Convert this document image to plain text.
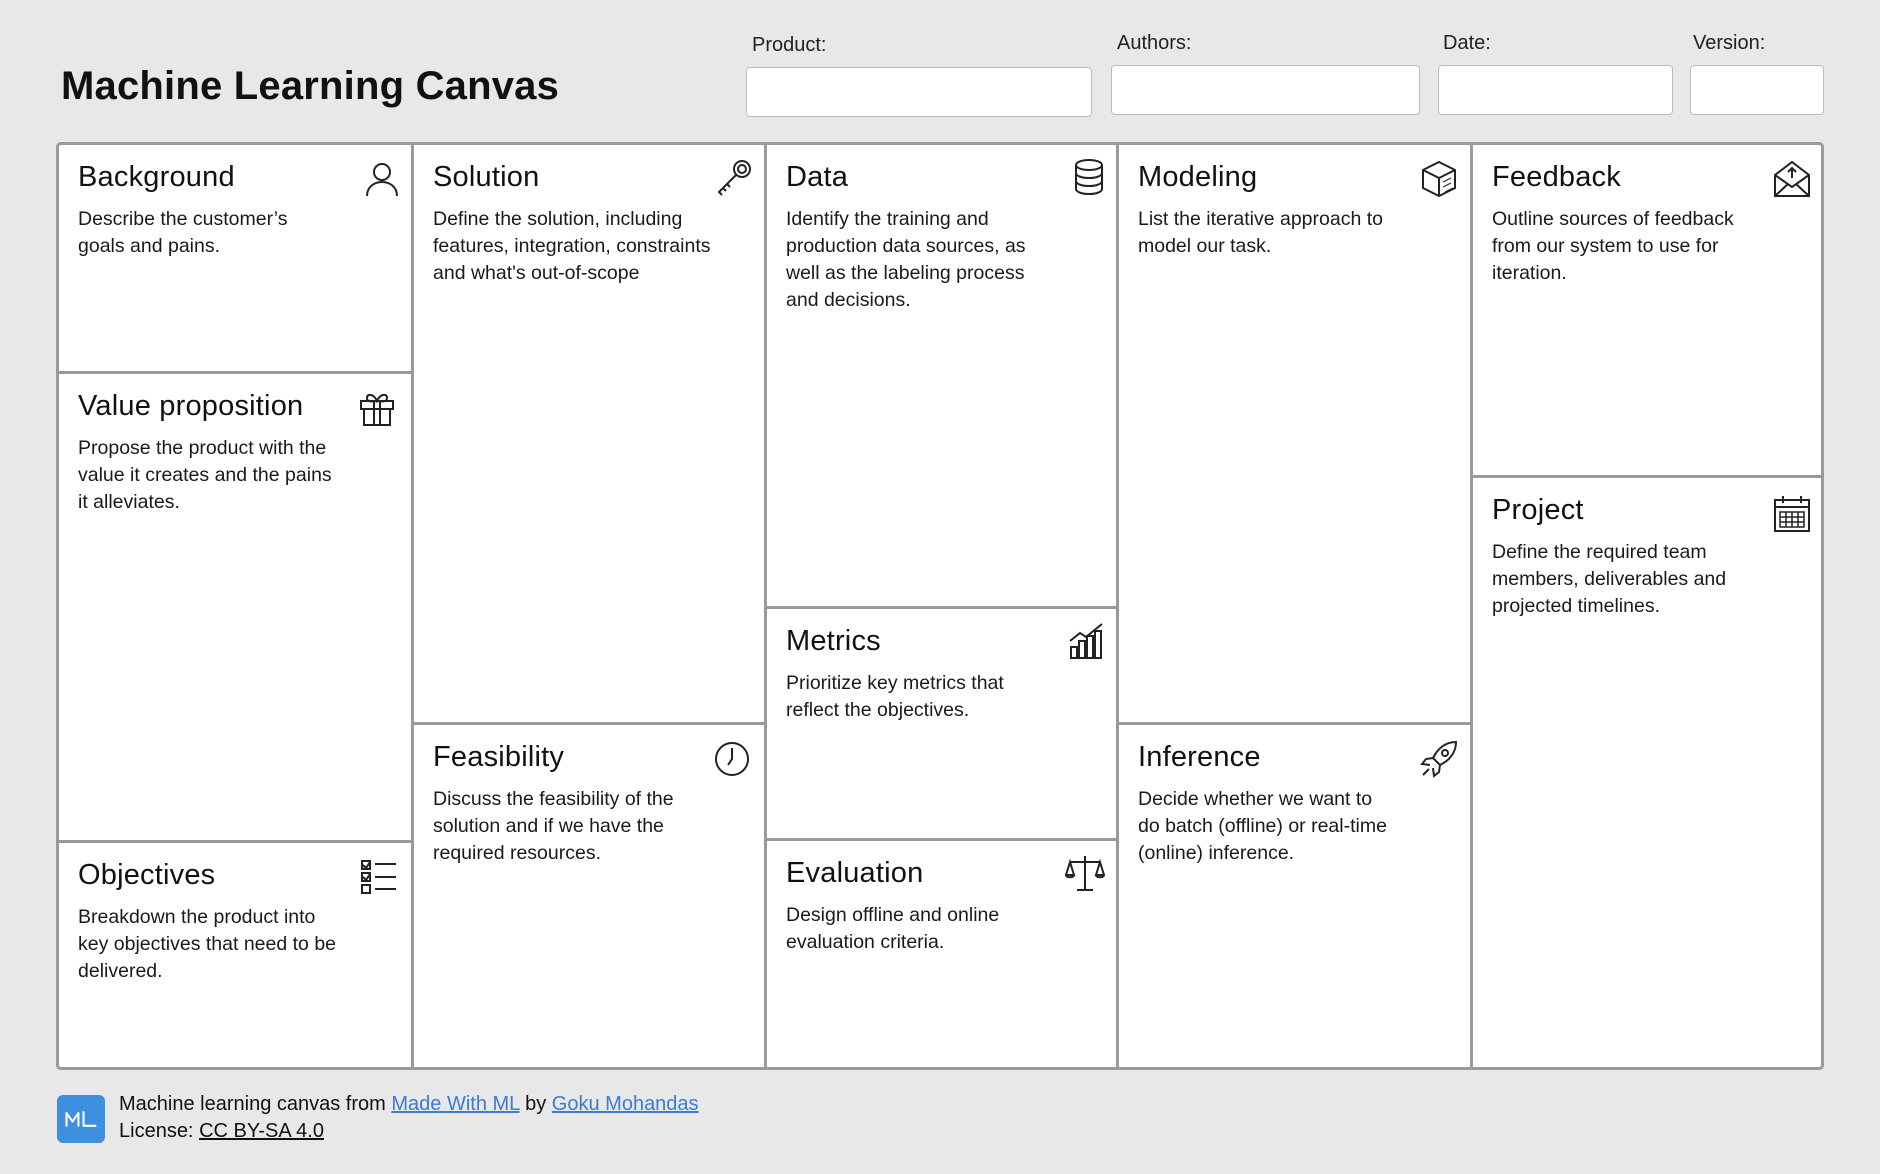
Machine Learning Canvas
Product:	Authors:	Date:	Version:
Background
Describe the customer’s goals and pains.
Value proposition
Propose the product with the value it creates and the pains it alleviates.
Objectives
Breakdown the product into key objectives that need to be delivered.
Solution
Define the solution, including features, integration, constraints and what's out-of-scope
Feasibility
Discuss the feasibility of the solution and if we have the required resources.
Data
Identify the training and production data sources, as well as the labeling process and decisions.
Metrics
Prioritize key metrics that reflect the objectives.
Evaluation
Design offline and online evaluation criteria.
Modeling
List the iterative approach to model our task.
Inference
Decide whether we want to do batch (offline) or real-time (online) inference.
Feedback
Outline sources of feedback from our system to use for iteration.
Project
Define the required team members, deliverables and projected timelines.
Machine learning canvas from Made With ML by Goku Mohandas
License: CC BY-SA 4.0
